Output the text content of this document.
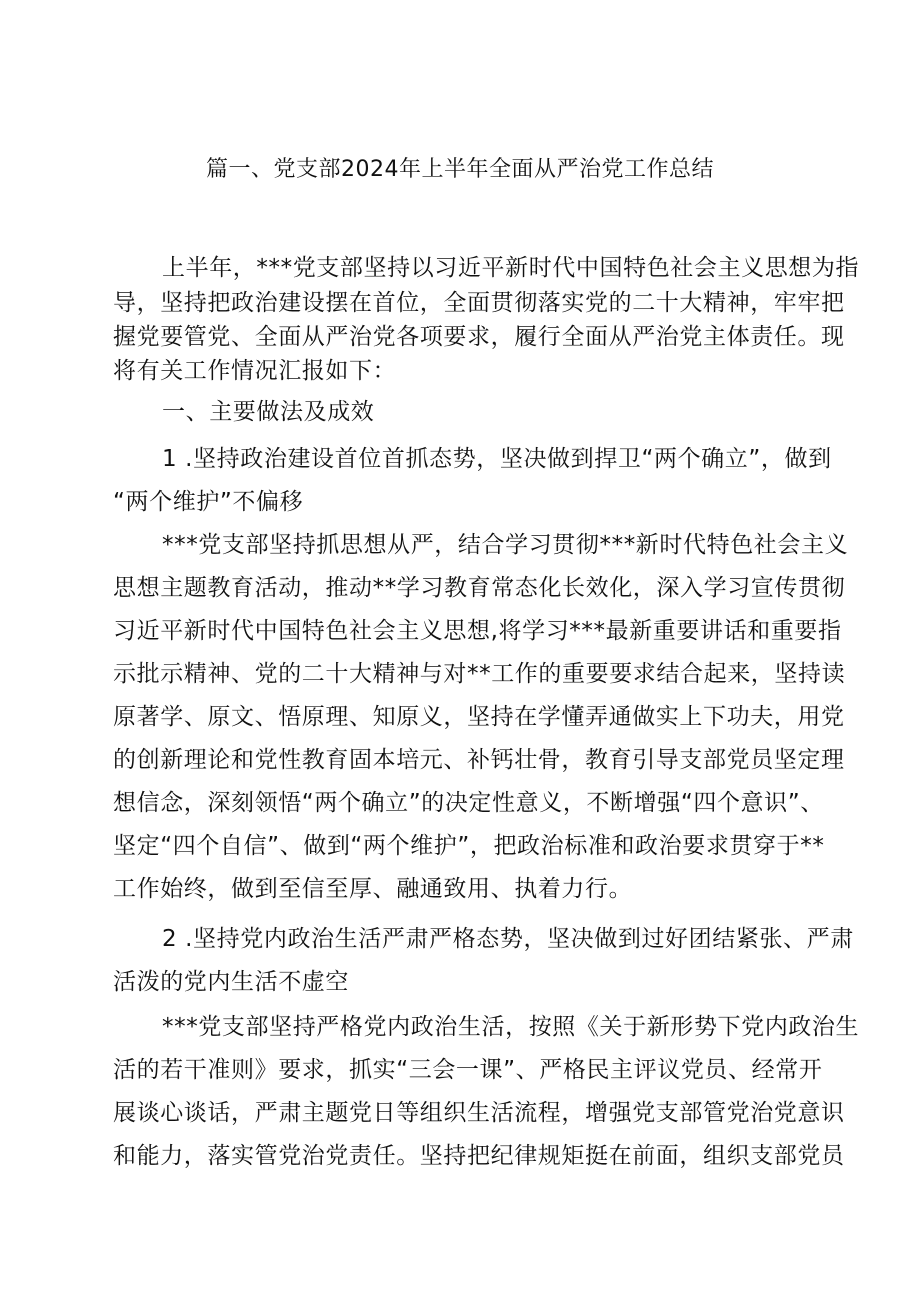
篇一、党支部2024年上半年全面从严治党工作总结
上半年，***党支部坚持以习近平新时代中国特色社会主义思想为指
导，坚持把政治建设摆在首位，全面贯彻落实党的二十大精神，牢牢把
握党要管党、全面从严治党各项要求，履行全面从严治党主体责任。现
将有关工作情况汇报如下：
一、主要做法及成效
1 .坚持政治建设首位首抓态势，坚决做到捍卫“两个确立”，做到
“两个维护”不偏移
***党支部坚持抓思想从严，结合学习贯彻***新时代特色社会主义
思想主题教育活动，推动**学习教育常态化长效化，深入学习宣传贯彻
习近平新时代中国特色社会主义思想,将学习***最新重要讲话和重要指
示批示精神、党的二十大精神与对**工作的重要要求结合起来，坚持读
原著学、原文、悟原理、知原义，坚持在学懂弄通做实上下功夫，用党
的创新理论和党性教育固本培元、补钙壮骨，教育引导支部党员坚定理
想信念，深刻领悟“两个确立”的决定性意义，不断增强“四个意识”、
坚定“四个自信”、做到“两个维护”，把政治标准和政治要求贯穿于**
工作始终，做到至信至厚、融通致用、执着力行。
2 .坚持党内政治生活严肃严格态势，坚决做到过好团结紧张、严肃
活泼的党内生活不虚空
***党支部坚持严格党内政治生活，按照《关于新形势下党内政治生
活的若干准则》要求，抓实“三会一课”、严格民主评议党员、经常开
展谈心谈话，严肃主题党日等组织生活流程，增强党支部管党治党意识
和能力，落实管党治党责任。坚持把纪律规矩挺在前面，组织支部党员
